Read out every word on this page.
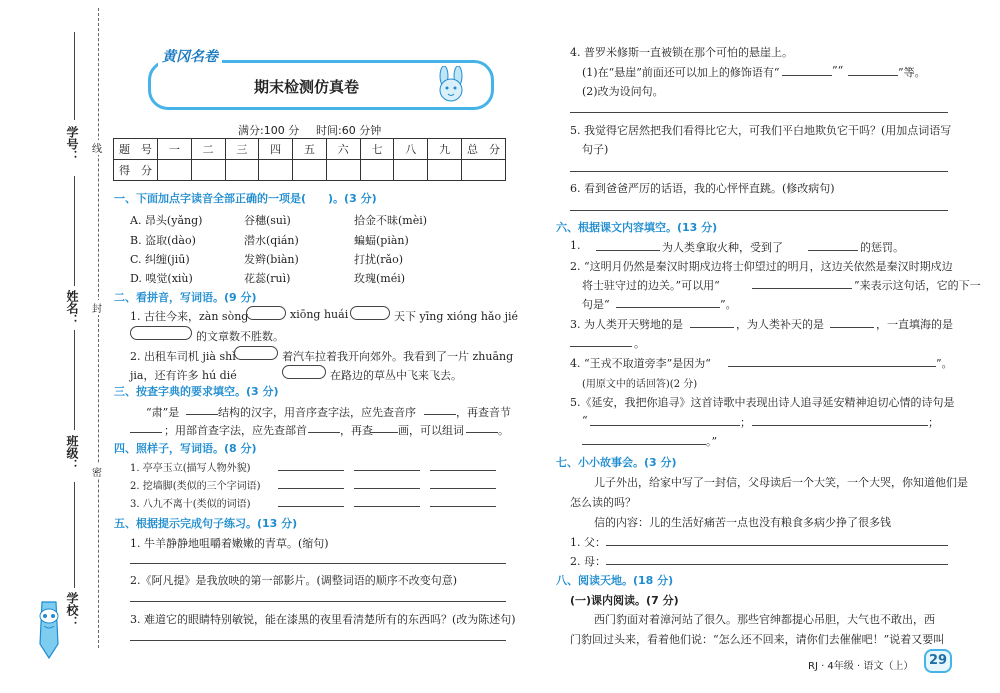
线
封
密
学号：
姓名：
班级：
学校：
黄冈名卷
期末检测仿真卷
满分:100 分 时间:60 分钟
题　号	一	二	三	四	五	六	七	八	九	总　分
得　分										
一、下面加点字读音全部正确的一项是(　　)。(3 分)
A. 昂头(yǎng)	谷穗(suì)	拾金不昧(mèi)
B. 盗取(dào)	潜水(qián)	蝙蝠(piàn)
C. 纠缠(jiū)	发辫(biàn)	打扰(rǎo)
D. 嗅觉(xiù)	花蕊(ruì)	玫瑰(méi)
二、看拼音，写词语。(9 分)
1. 古往今来，zàn sòng	xiōng huái	天下 yīng xióng hǎo jié
的文章数不胜数。
2. 出租车司机 jià shǐ	着汽车拉着我开向郊外。我看到了一片 zhuāng
jia，还有许多 hú dié	在路边的草丛中飞来飞去。
三、按查字典的要求填空。(3 分)
“肃”是	结构的汉字，用音序查字法，应先查音序	，再查音节
；用部首查字法，应先查部首	，再查 画，可以组词	。
四、照样子，写词语。(8 分)
1. 亭亭玉立(描写人物外貌)
2. 挖墙脚(类似的三个字词语)
3. 八九不离十(类似的词语)
五、根据提示完成句子练习。(13 分)
1. 牛羊静静地咀嚼着嫩嫩的青草。(缩句)
2.《阿凡提》是我放映的第一部影片。(调整词语的顺序不改变句意)
3. 难道它的眼睛特别敏锐，能在漆黑的夜里看清楚所有的东西吗？(改为陈述句)
4. 普罗米修斯一直被锁在那个可怕的悬崖上。
(1)在“悬崖”前面还可以加上的修饰语有“	”“	”等。
(2)改为设问句。
5. 我觉得它居然把我们看得比它大，可我们平白地欺负它干吗？(用加点词语写
句子)
6. 看到爸爸严厉的话语，我的心怦怦直跳。(修改病句)
六、根据课文内容填空。(13 分)
1.	为人类拿取火种，受到了	的惩罚。
2. “这明月仍然是秦汉时期戍边将士仰望过的明月，这边关依然是秦汉时期戍边
将士驻守过的边关。”可以用“	”来表示这句话，它的下一
句是“	”。
3. 为人类开天劈地的是	，为人类补天的是	，一直填海的是
。
4. “王戎不取道旁李”是因为“	”。
(用原文中的话回答)(2 分)
5.《延安，我把你追寻》这首诗歌中表现出诗人追寻延安精神迫切心情的诗句是
“	；	；
。”
七、小小故事会。(3 分)
儿子外出，给家中写了一封信，父母读后一个大笑，一个大哭，你知道他们是
怎么读的吗？
信的内容：儿的生活好痛苦一点也没有粮食多病少挣了很多钱
1. 父：
2. 母：
八、阅读天地。(18 分)
(一)课内阅读。(7 分)
西门豹面对着漳河站了很久。那些官绅都提心吊胆，大气也不敢出，西
门豹回过头来，看着他们说：“怎么还不回来，请你们去催催吧！”说着又要叫
RJ · 4年级 · 语文（上）	29
